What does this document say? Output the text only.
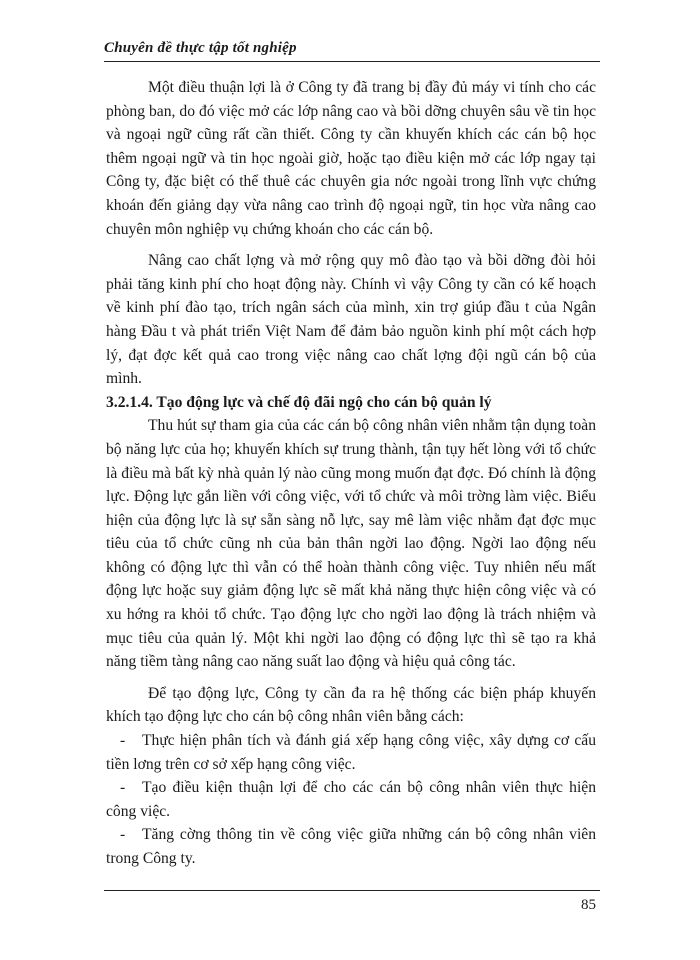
Chuyên đề thực tập tốt nghiệp

Một điều thuận lợi là ở Công ty đã trang bị đầy đủ máy vi tính cho các phòng ban, do đó việc mở các lớp nâng cao và bồi dỡng chuyên sâu về tin học và ngoại ngữ cũng rất cần thiết. Công ty cần khuyến khích các cán bộ học thêm ngoại ngữ và tin học ngoài giờ, hoặc tạo điều kiện mở các lớp ngay tại Công ty, đặc biệt có thể thuê các chuyên gia nớc ngoài trong lĩnh vực chứng khoán đến giảng dạy vừa nâng cao trình độ ngoại ngữ, tin học vừa nâng cao chuyên môn nghiệp vụ chứng khoán cho các cán bộ.

Nâng cao chất lợng và mở rộng quy mô đào tạo và bồi dỡng đòi hỏi phải tăng kinh phí cho hoạt động này. Chính vì vậy Công ty cần có kế hoạch về kinh phí đào tạo, trích ngân sách của mình, xin trợ giúp đầu t của Ngân hàng Đầu t và phát triển Việt Nam để đảm bảo nguồn kinh phí một cách hợp lý, đạt đợc kết quả cao trong việc nâng cao chất lợng đội ngũ cán bộ của mình.

3.2.1.4. Tạo động lực và chế độ đãi ngộ cho cán bộ quản lý

Thu hút sự tham gia của các cán bộ công nhân viên nhằm tận dụng toàn bộ năng lực của họ; khuyến khích sự trung thành, tận tụy hết lòng với tổ chức là điều mà bất kỳ nhà quản lý nào cũng mong muốn đạt đợc. Đó chính là động lực. Động lực gắn liền với công việc, với tổ chức và môi trờng làm việc. Biểu hiện của động lực là sự sẵn sàng nỗ lực, say mê làm việc nhằm đạt đợc mục tiêu của tổ chức cũng nh của bản thân ngời lao động. Ngời lao động nếu không có động lực thì vẫn có thể hoàn thành công việc. Tuy nhiên nếu mất động lực hoặc suy giảm động lực sẽ mất khả năng thực hiện công việc và có xu hớng ra khỏi tổ chức. Tạo động lực cho ngời lao động là trách nhiệm và mục tiêu của quản lý. Một khi ngời lao động có động lực thì sẽ tạo ra khả năng tiềm tàng nâng cao năng suất lao động và hiệu quả công tác.

Để tạo động lực, Công ty cần đa ra hệ thống các biện pháp khuyến khích tạo động lực cho cán bộ công nhân viên bằng cách:

- Thực hiện phân tích và đánh giá xếp hạng công việc, xây dựng cơ cấu tiền lơng trên cơ sở xếp hạng công việc.

- Tạo điều kiện thuận lợi để cho các cán bộ công nhân viên thực hiện công việc.

- Tăng cờng thông tin về công việc giữa những cán bộ công nhân viên trong Công ty.

85
